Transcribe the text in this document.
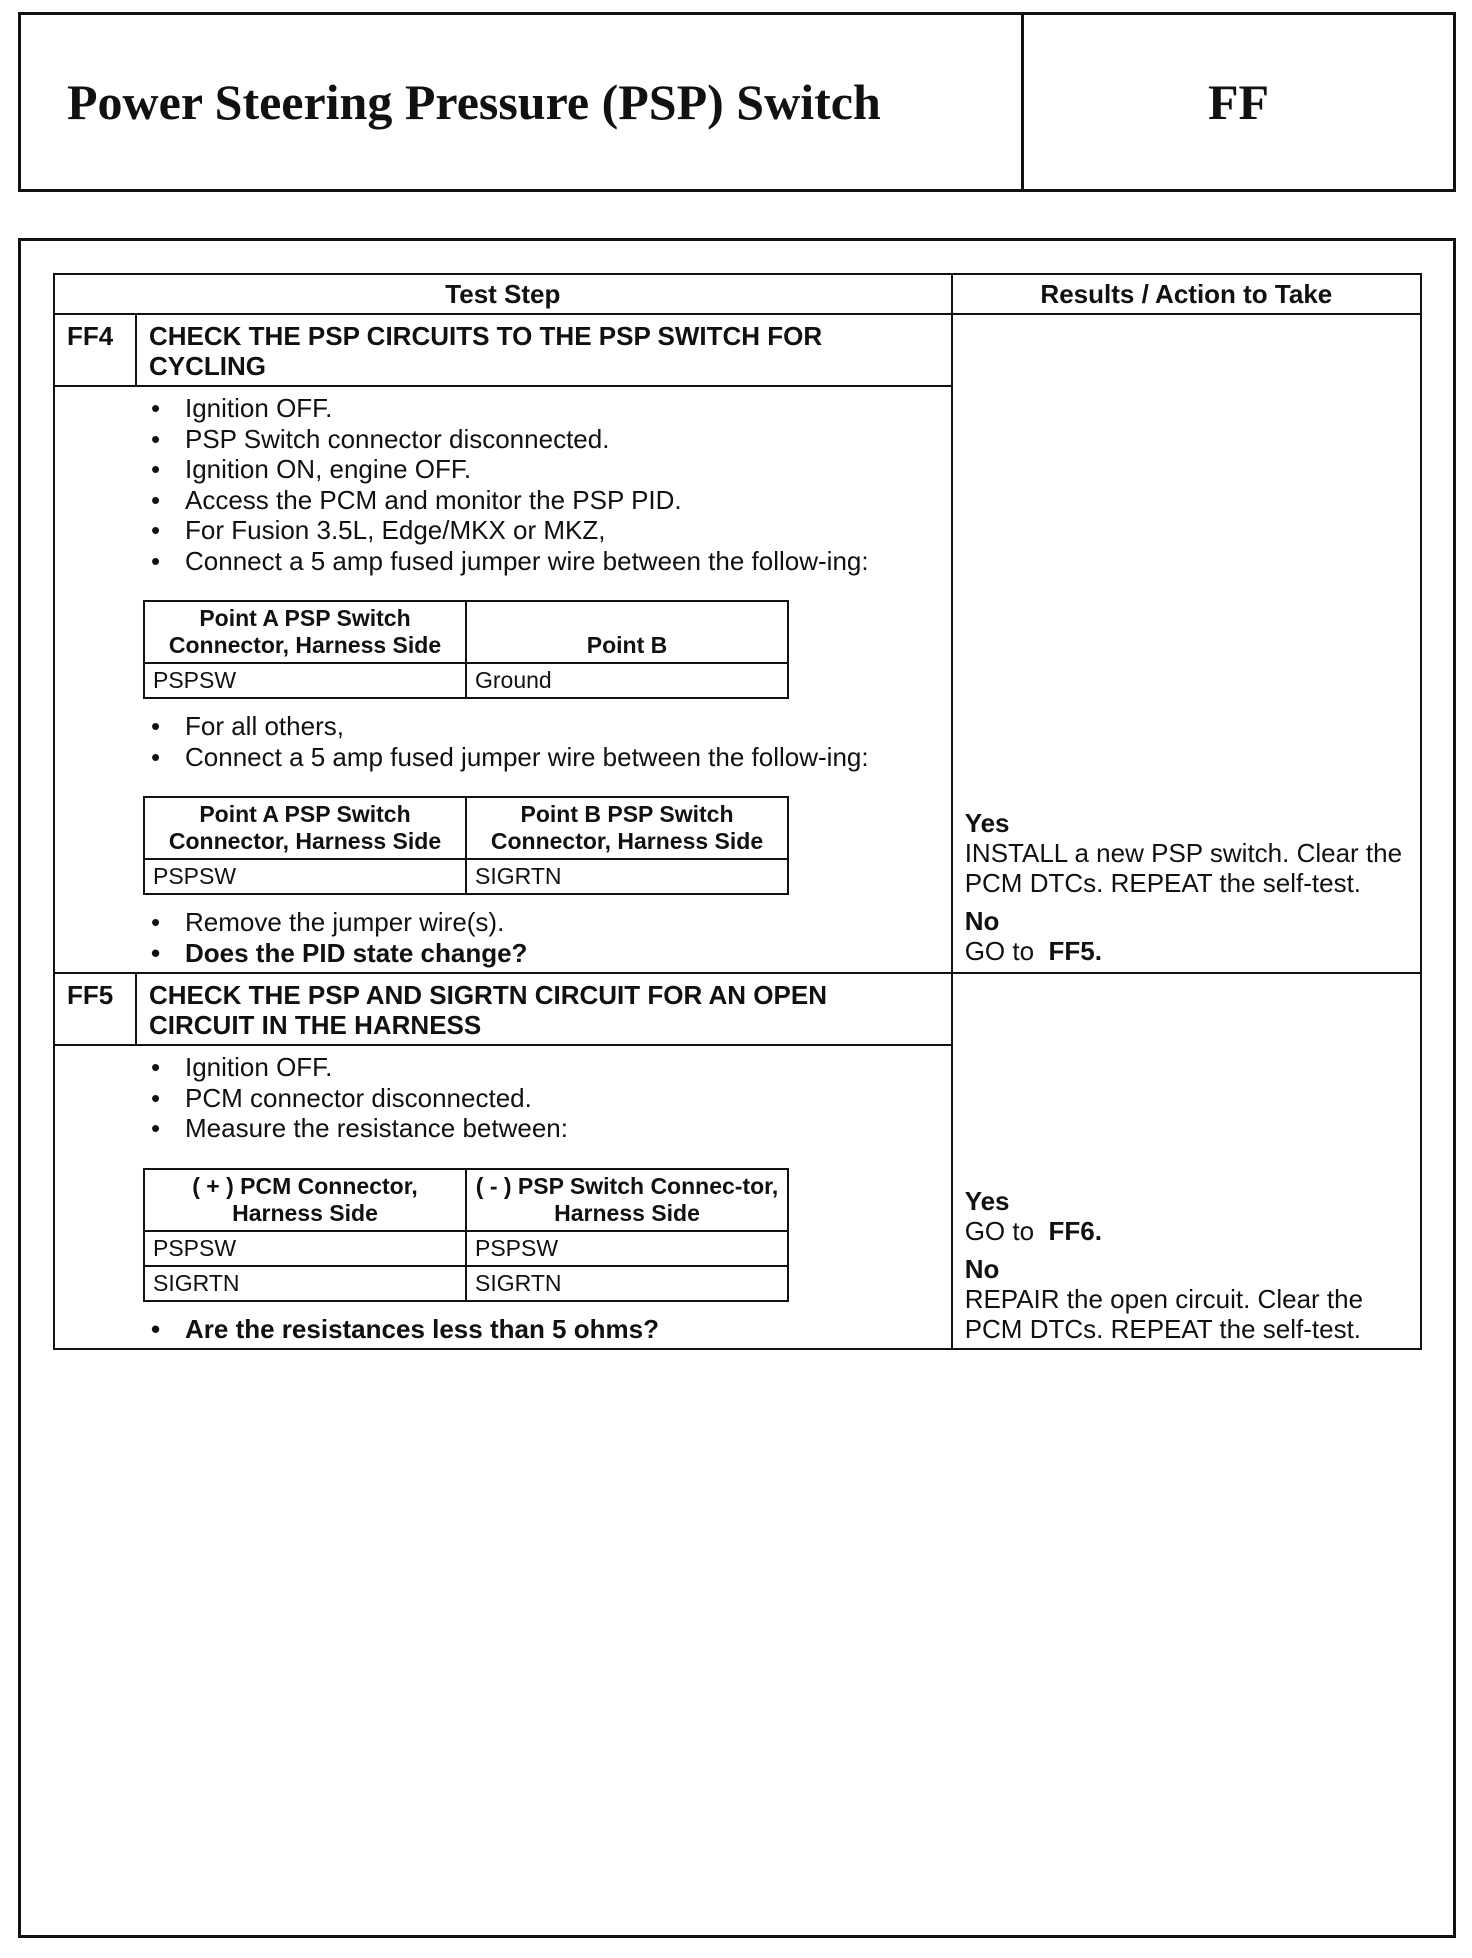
Power Steering Pressure (PSP) Switch	FF
Test Step	Results / Action to Take

FF4	CHECK THE PSP CIRCUITS TO THE PSP SWITCH FOR CYCLING
• Ignition OFF.
• PSP Switch connector disconnected.
• Ignition ON, engine OFF.
• Access the PCM and monitor the PSP PID.
• For Fusion 3.5L, Edge/MKX or MKZ,
• Connect a 5 amp fused jumper wire between the follow-ing:
Point A PSP Switch Connector, Harness Side	Point B
PSPSW	Ground
• For all others,
• Connect a 5 amp fused jumper wire between the follow-ing:
Point A PSP Switch Connector, Harness Side	Point B PSP Switch Connector, Harness Side
PSPSW	SIGRTN
• Remove the jumper wire(s).
• Does the PID state change?

Yes
INSTALL a new PSP switch. Clear the PCM DTCs. REPEAT the self-test.
No
GO to FF5.

FF5	CHECK THE PSP AND SIGRTN CIRCUIT FOR AN OPEN CIRCUIT IN THE HARNESS
• Ignition OFF.
• PCM connector disconnected.
• Measure the resistance between:
( + ) PCM Connector, Harness Side	( - ) PSP Switch Connec-tor, Harness Side
PSPSW	PSPSW
SIGRTN	SIGRTN
• Are the resistances less than 5 ohms?

Yes
GO to FF6.
No
REPAIR the open circuit. Clear the PCM DTCs. REPEAT the self-test.
